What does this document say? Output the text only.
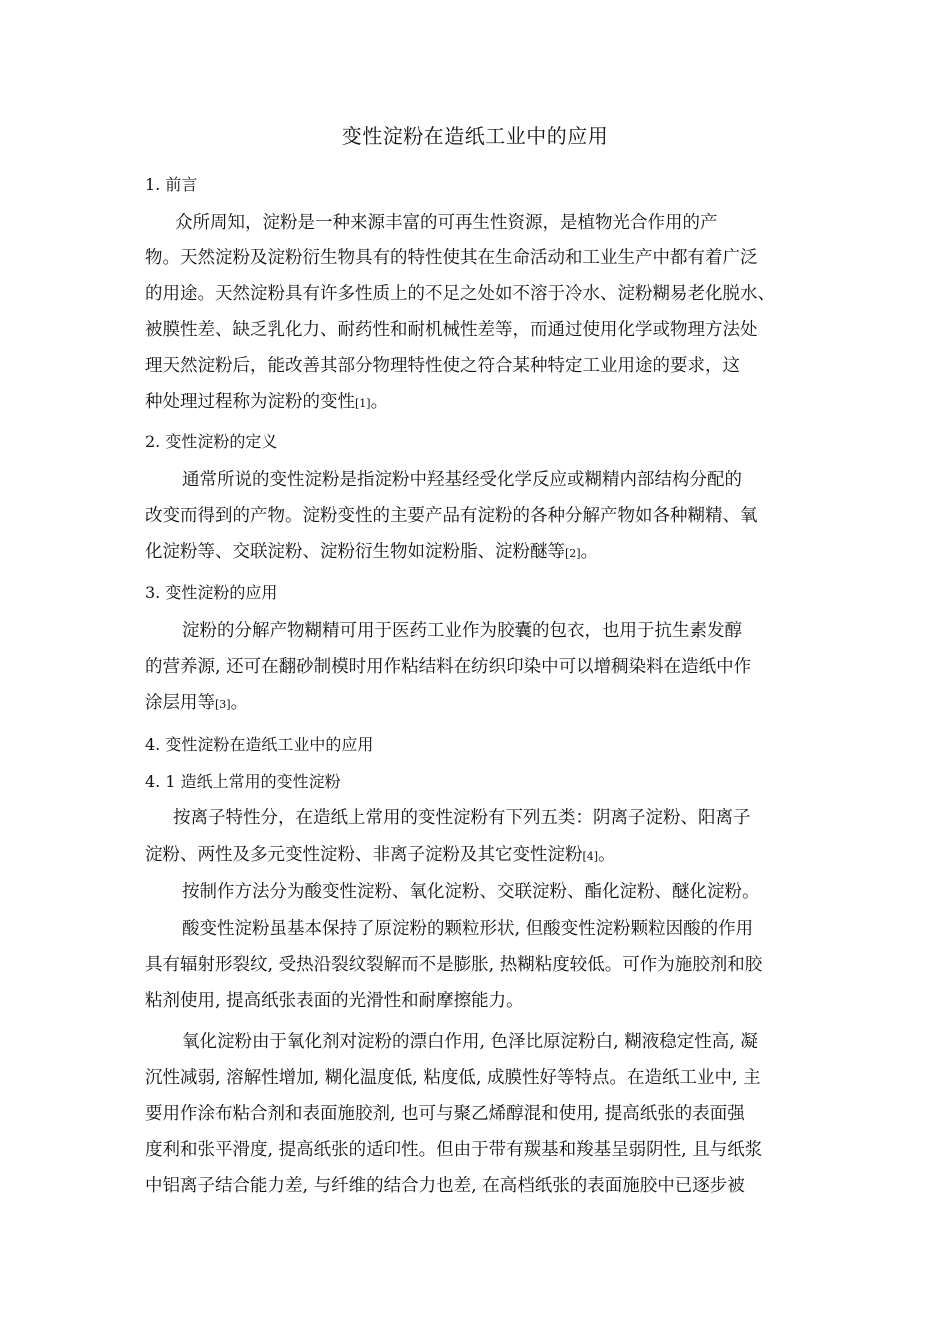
变性淀粉在造纸工业中的应用
1. 前言
众所周知，淀粉是一种来源丰富的可再生性资源，是植物光合作用的产
物。天然淀粉及淀粉衍生物具有的特性使其在生命活动和工业生产中都有着广泛
的用途。天然淀粉具有许多性质上的不足之处如不溶于冷水、淀粉糊易老化脱水、
被膜性差、缺乏乳化力、耐药性和耐机械性差等，而通过使用化学或物理方法处
理天然淀粉后，能改善其部分物理特性使之符合某种特定工业用途的要求，这
种处理过程称为淀粉的变性[1]。
2. 变性淀粉的定义
通常所说的变性淀粉是指淀粉中羟基经受化学反应或糊精内部结构分配的
改变而得到的产物。淀粉变性的主要产品有淀粉的各种分解产物如各种糊精、氧
化淀粉等、交联淀粉、淀粉衍生物如淀粉脂、淀粉醚等[2]。
3. 变性淀粉的应用
淀粉的分解产物糊精可用于医药工业作为胶囊的包衣，也用于抗生素发醇
的营养源, 还可在翻砂制模时用作粘结料在纺织印染中可以增稠染料在造纸中作
涂层用等[3]。
4. 变性淀粉在造纸工业中的应用
4. 1 造纸上常用的变性淀粉
按离子特性分，在造纸上常用的变性淀粉有下列五类：阴离子淀粉、阳离子
淀粉、两性及多元变性淀粉、非离子淀粉及其它变性淀粉[4]。
按制作方法分为酸变性淀粉、氧化淀粉、交联淀粉、酯化淀粉、醚化淀粉。
酸变性淀粉虽基本保持了原淀粉的颗粒形状, 但酸变性淀粉颗粒因酸的作用
具有辐射形裂纹, 受热沿裂纹裂解而不是膨胀, 热糊粘度较低。可作为施胶剂和胶
粘剂使用, 提高纸张表面的光滑性和耐摩擦能力。
氧化淀粉由于氧化剂对淀粉的漂白作用, 色泽比原淀粉白, 糊液稳定性高, 凝
沉性减弱, 溶解性增加, 糊化温度低, 粘度低, 成膜性好等特点。在造纸工业中, 主
要用作涂布粘合剂和表面施胶剂, 也可与聚乙烯醇混和使用, 提高纸张的表面强
度利和张平滑度, 提高纸张的适印性。但由于带有羰基和羧基呈弱阴性, 且与纸浆
中铝离子结合能力差, 与纤维的结合力也差, 在高档纸张的表面施胶中已逐步被
